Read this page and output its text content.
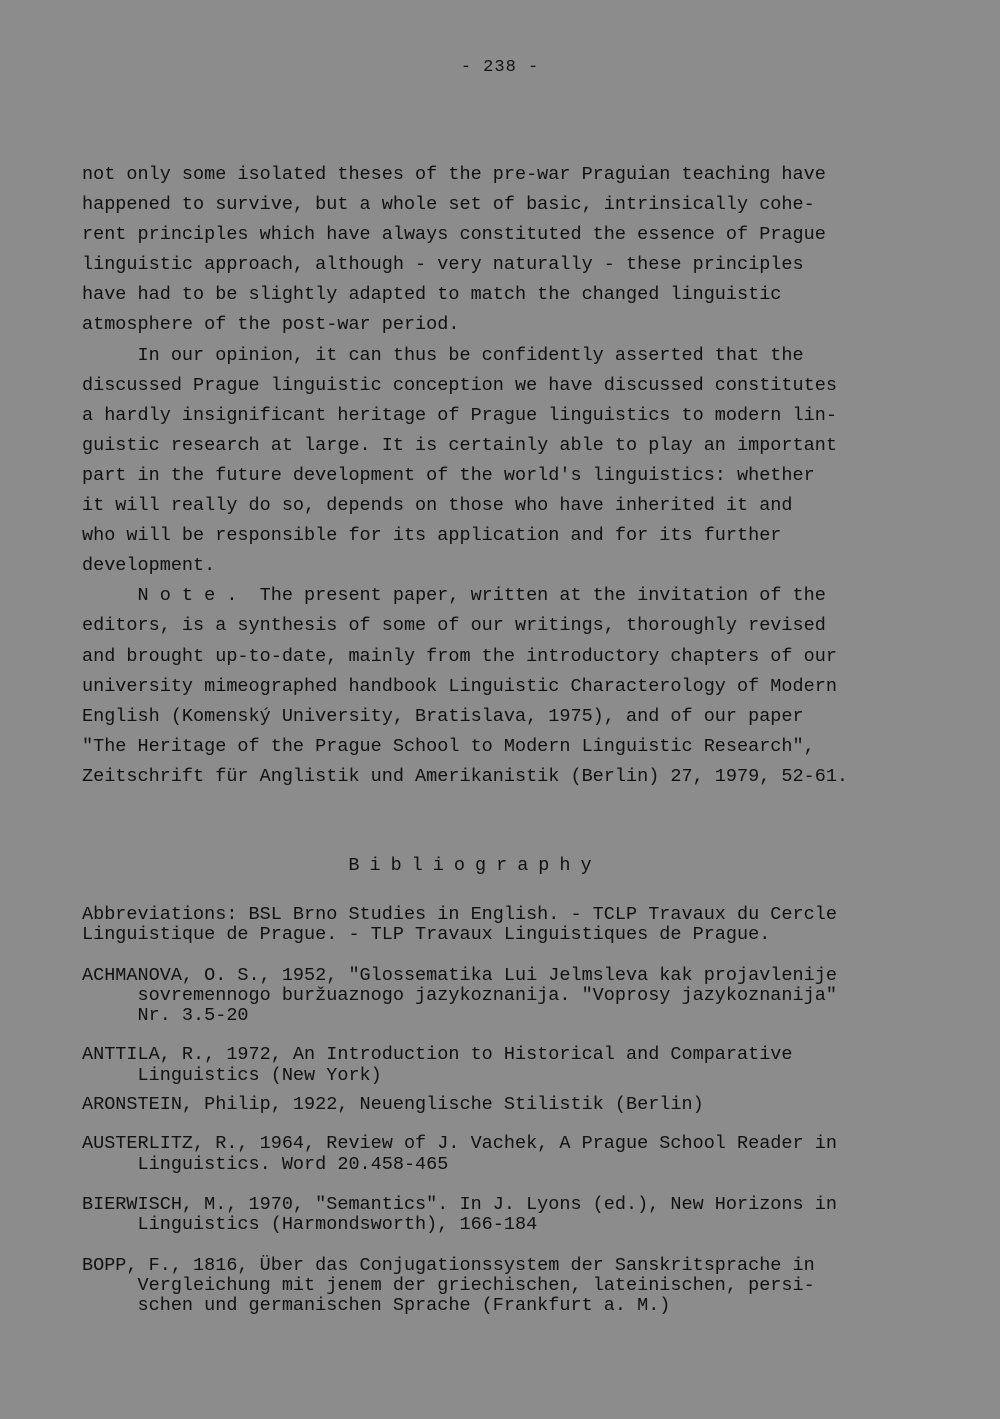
- 238 -
not only some isolated theses of the pre-war Praguian teaching have
happened to survive, but a whole set of basic, intrinsically cohe-
rent principles which have always constituted the essence of Prague
linguistic approach, although - very naturally - these principles
have had to be slightly adapted to match the changed linguistic
atmosphere of the post-war period.
In our opinion, it can thus be confidently asserted that the
discussed Prague linguistic conception we have discussed constitutes
a hardly insignificant heritage of Prague linguistics to modern lin-
guistic research at large. It is certainly able to play an important
part in the future development of the world's linguistics: whether
it will really do so, depends on those who have inherited it and
who will be responsible for its application and for its further
development.
N o t e .  The present paper, written at the invitation of the
editors, is a synthesis of some of our writings, thoroughly revised
and brought up-to-date, mainly from the introductory chapters of our
university mimeographed handbook Linguistic Characterology of Modern
English (Komenský University, Bratislava, 1975), and of our paper
"The Heritage of the Prague School to Modern Linguistic Research",
Zeitschrift für Anglistik und Amerikanistik (Berlin) 27, 1979, 52-61.
Bibliography
Abbreviations: BSL Brno Studies in English. - TCLP Travaux du Cercle
Linguistique de Prague. - TLP Travaux Linguistiques de Prague.
ACHMANOVA, O. S., 1952, "Glossematika Lui Jelmsleva kak projavlenije
sovremennogo buržuaznogo jazykoznanija. "Voprosy jazykoznanija"
Nr. 3.5-20
ANTTILA, R., 1972, An Introduction to Historical and Comparative
Linguistics (New York)
ARONSTEIN, Philip, 1922, Neuenglische Stilistik (Berlin)
AUSTERLITZ, R., 1964, Review of J. Vachek, A Prague School Reader in
Linguistics. Word 20.458-465
BIERWISCH, M., 1970, "Semantics". In J. Lyons (ed.), New Horizons in
Linguistics (Harmondsworth), 166-184
BOPP, F., 1816, Über das Conjugationssystem der Sanskritsprache in
Vergleichung mit jenem der griechischen, lateinischen, persi-
schen und germanischen Sprache (Frankfurt a. M.)
